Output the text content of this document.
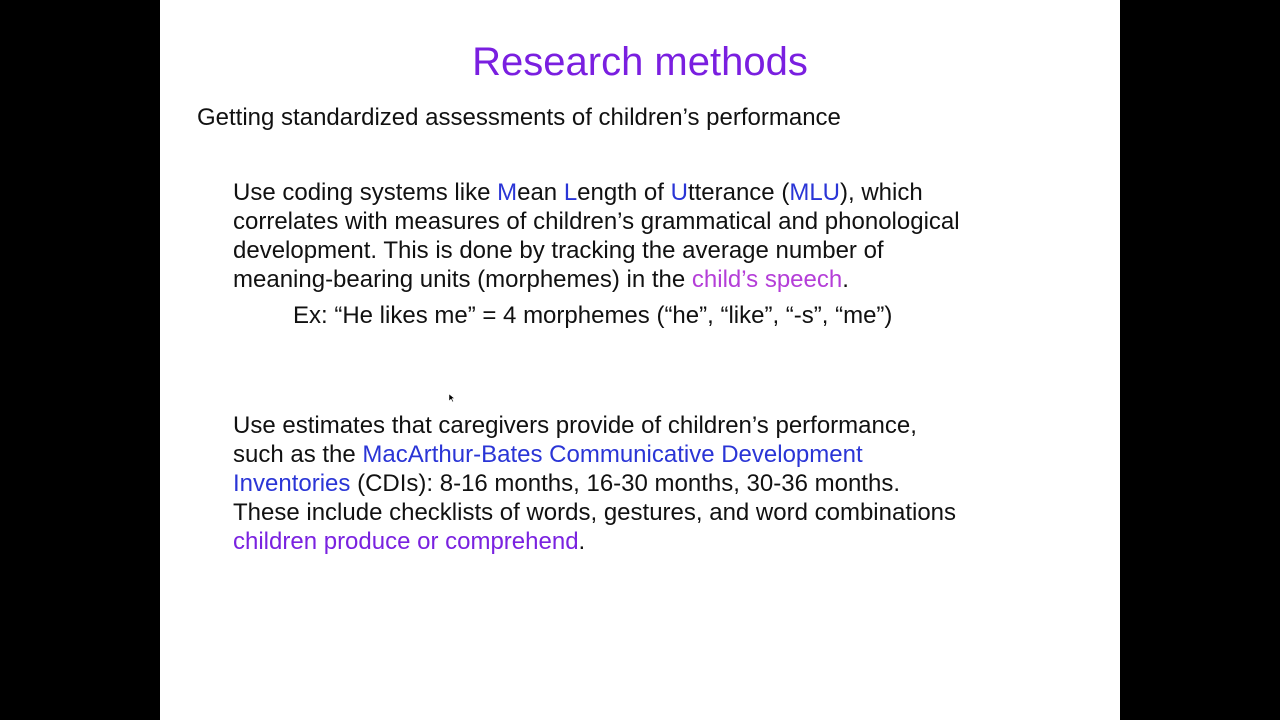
Research methods
Getting standardized assessments of children’s performance
Use coding systems like Mean Length of Utterance (MLU), which
correlates with measures of children’s grammatical and phonological
development. This is done by tracking the average number of
meaning-bearing units (morphemes) in the child’s speech.
Ex: “He likes me” = 4 morphemes (“he”, “like”, “-s”, “me”)
Use estimates that caregivers provide of children’s performance,
such as the MacArthur-Bates Communicative Development
Inventories (CDIs): 8-16 months, 16-30 months, 30-36 months.
These include checklists of words, gestures, and word combinations
children produce or comprehend.
